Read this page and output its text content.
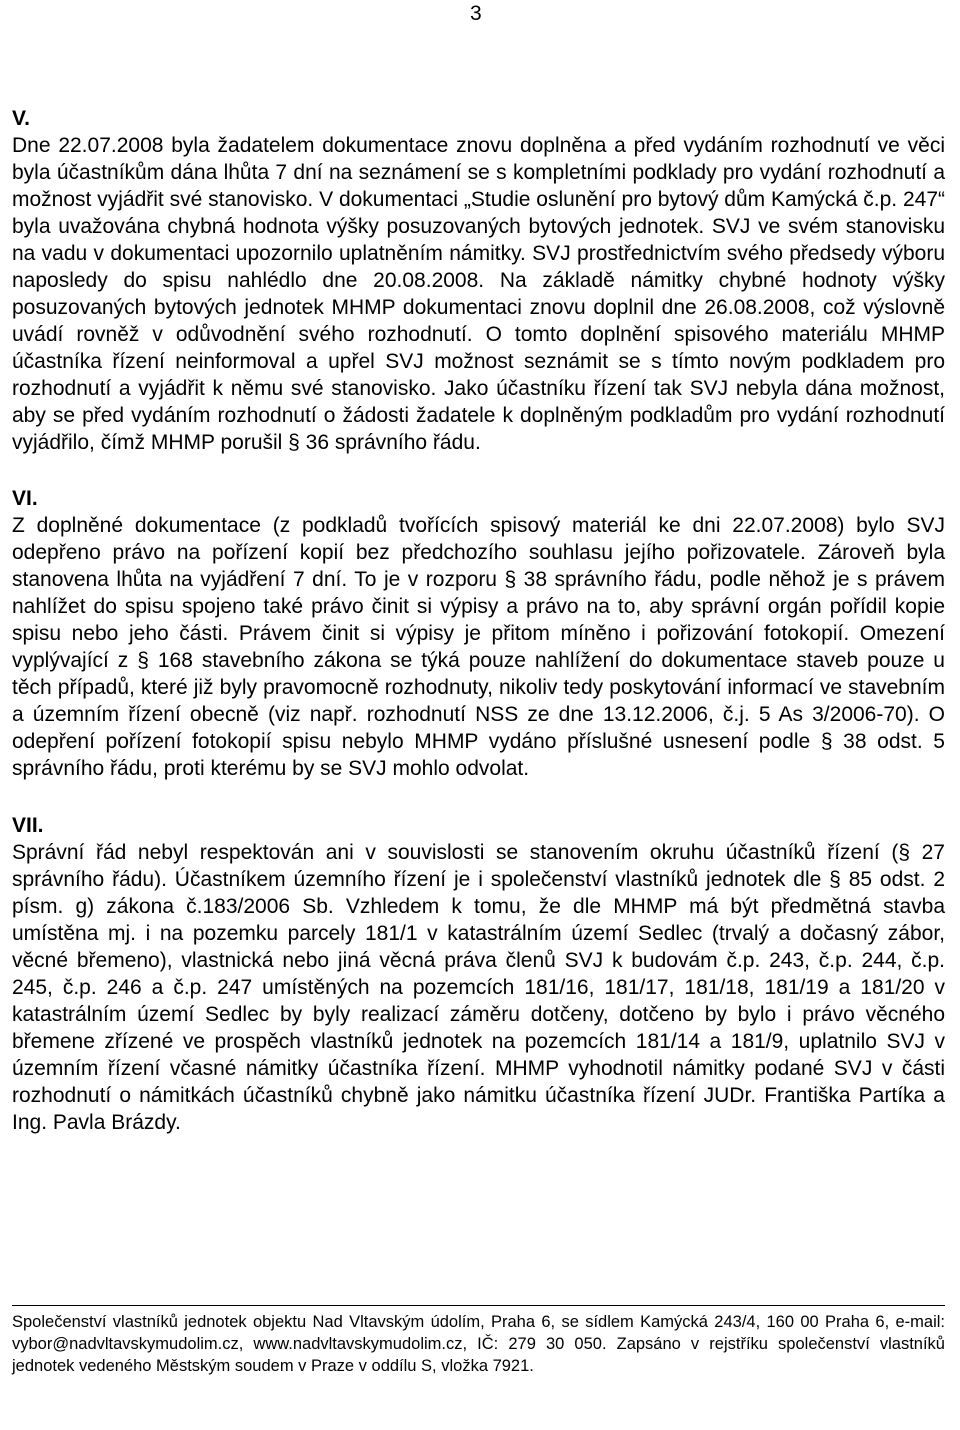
3

V.

Dne 22.07.2008 byla žadatelem dokumentace znovu doplněna a před vydáním rozhodnutí ve věci byla účastníkům dána lhůta 7 dní na seznámení se s kompletními podklady pro vydání rozhodnutí a možnost vyjádřit své stanovisko. V dokumentaci „Studie oslunění pro bytový dům Kamýcká č.p. 247“ byla uvažována chybná hodnota výšky posuzovaných bytových jednotek. SVJ ve svém stanovisku na vadu v dokumentaci upozornilo uplatněním námitky. SVJ prostřednictvím svého předsedy výboru naposledy do spisu nahlédlo dne 20.08.2008. Na základě námitky chybné hodnoty výšky posuzovaných bytových jednotek MHMP dokumentaci znovu doplnil dne 26.08.2008, což výslovně uvádí rovněž v odůvodnění svého rozhodnutí. O tomto doplnění spisového materiálu MHMP účastníka řízení neinformoval a upřel SVJ možnost seznámit se s tímto novým podkladem pro rozhodnutí a vyjádřit k němu své stanovisko. Jako účastníku řízení tak SVJ nebyla dána možnost, aby se před vydáním rozhodnutí o žádosti žadatele k doplněným podkladům pro vydání rozhodnutí vyjádřilo, čímž MHMP porušil § 36 správního řádu.

VI.

Z doplněné dokumentace (z podkladů tvořících spisový materiál ke dni 22.07.2008) bylo SVJ odepřeno právo na pořízení kopií bez předchozího souhlasu jejího pořizovatele. Zároveň byla stanovena lhůta na vyjádření 7 dní. To je v rozporu § 38 správního řádu, podle něhož je s právem nahlížet do spisu spojeno také právo činit si výpisy a právo na to, aby správní orgán pořídil kopie spisu nebo jeho části. Právem činit si výpisy je přitom míněno i pořizování fotokopií. Omezení vyplývající z § 168 stavebního zákona se týká pouze nahlížení do dokumentace staveb pouze u těch případů, které již byly pravomocně rozhodnuty, nikoliv tedy poskytování informací ve stavebním a územním řízení obecně (viz např. rozhodnutí NSS ze dne 13.12.2006, č.j. 5 As 3/2006-70). O odepření pořízení fotokopií spisu nebylo MHMP vydáno příslušné usnesení podle § 38 odst. 5 správního řádu, proti kterému by se SVJ mohlo odvolat.

VII.

Správní řád nebyl respektován ani v souvislosti se stanovením okruhu účastníků řízení (§ 27 správního řádu). Účastníkem územního řízení je i společenství vlastníků jednotek dle § 85 odst. 2 písm. g) zákona č.183/2006 Sb. Vzhledem k tomu, že dle MHMP má být předmětná stavba umístěna mj. i na pozemku parcely 181/1 v katastrálním území Sedlec (trvalý a dočasný zábor, věcné břemeno), vlastnická nebo jiná věcná práva členů SVJ k budovám č.p. 243, č.p. 244, č.p. 245, č.p. 246 a č.p. 247 umístěných na pozemcích 181/16, 181/17, 181/18, 181/19 a 181/20 v katastrálním území Sedlec by byly realizací záměru dotčeny, dotčeno by bylo i právo věcného břemene zřízené ve prospěch vlastníků jednotek na pozemcích 181/14 a 181/9, uplatnilo SVJ v územním řízení včasné námitky účastníka řízení. MHMP vyhodnotil námitky podané SVJ v části rozhodnutí o námitkách účastníků chybně jako námitku účastníka řízení JUDr. Františka Partíka a Ing. Pavla Brázdy.

Společenství vlastníků jednotek objektu Nad Vltavským údolím, Praha 6, se sídlem Kamýcká 243/4, 160 00 Praha 6, e-mail: vybor@nadvltavskymudolim.cz, www.nadvltavskymudolim.cz, IČ: 279 30 050. Zapsáno v rejstříku společenství vlastníků jednotek vedeného Městským soudem v Praze v oddílu S, vložka 7921.
